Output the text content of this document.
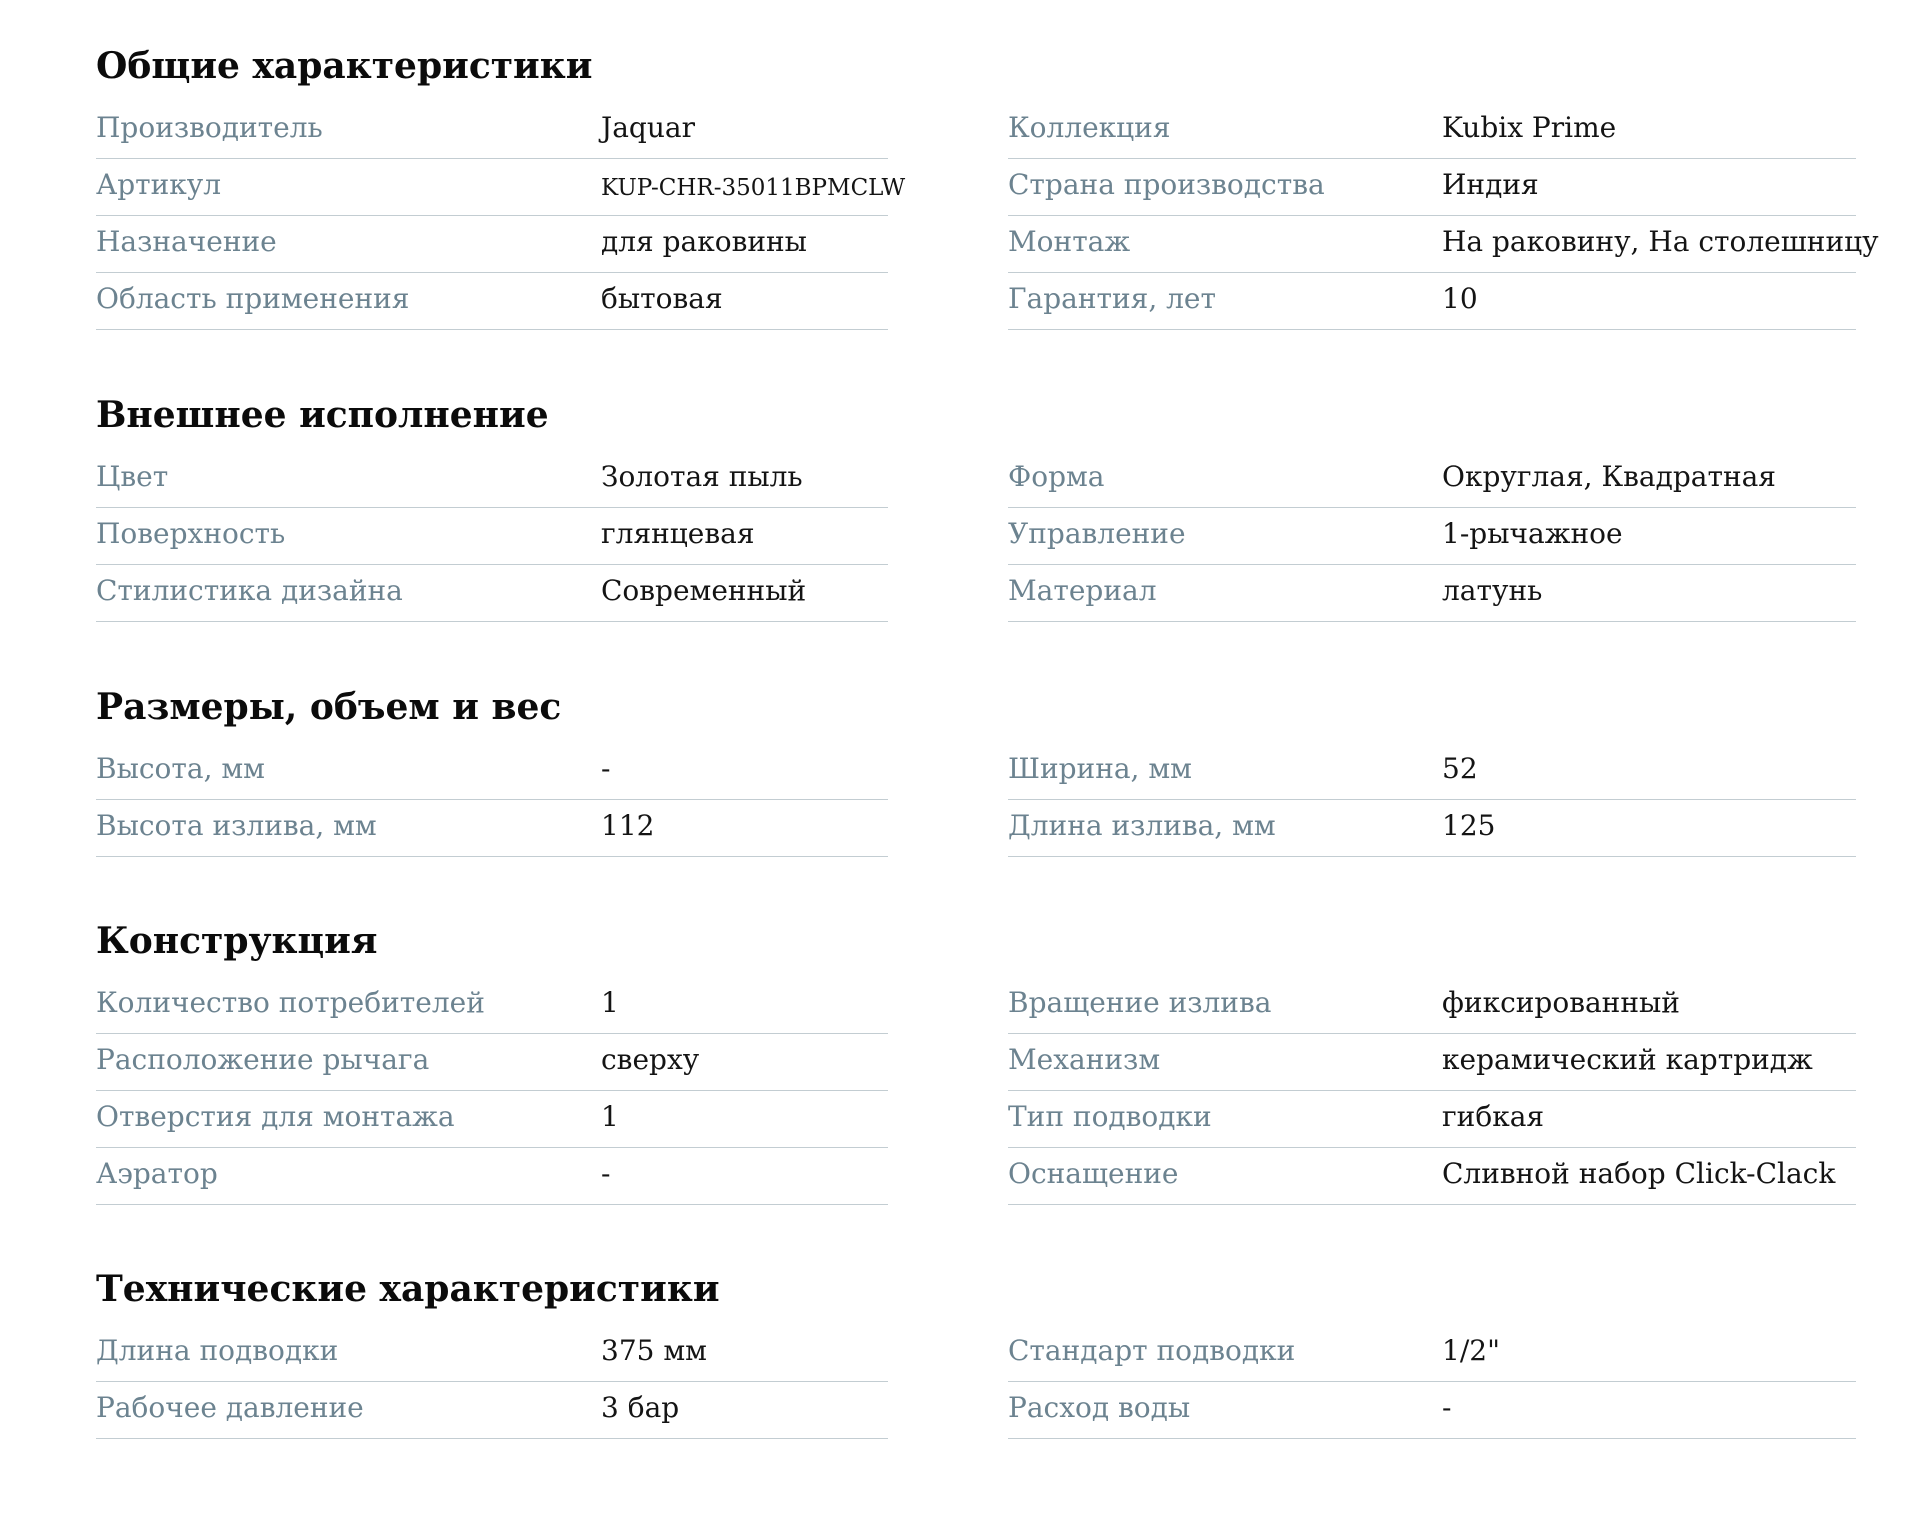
Общие характеристики
Производитель	Jaquar
Артикул	KUP-CHR-35011BPMCLW
Назначение	для раковины
Область применения	бытовая
Коллекция	Kubix Prime
Страна производства	Индия
Монтаж	На раковину, На столешницу
Гарантия, лет	10
Внешнее исполнение
Цвет	Золотая пыль
Поверхность	глянцевая
Стилистика дизайна	Современный
Форма	Округлая, Квадратная
Управление	1-рычажное
Материал	латунь
Размеры, объем и вес
Высота, мм	-
Высота излива, мм	112
Ширина, мм	52
Длина излива, мм	125
Конструкция
Количество потребителей	1
Расположение рычага	сверху
Отверстия для монтажа	1
Аэратор	-
Вращение излива	фиксированный
Механизм	керамический картридж
Тип подводки	гибкая
Оснащение	Сливной набор Click-Clack
Технические характеристики
Длина подводки	375 мм
Рабочее давление	3 бар
Стандарт подводки	1/2"
Расход воды	-
